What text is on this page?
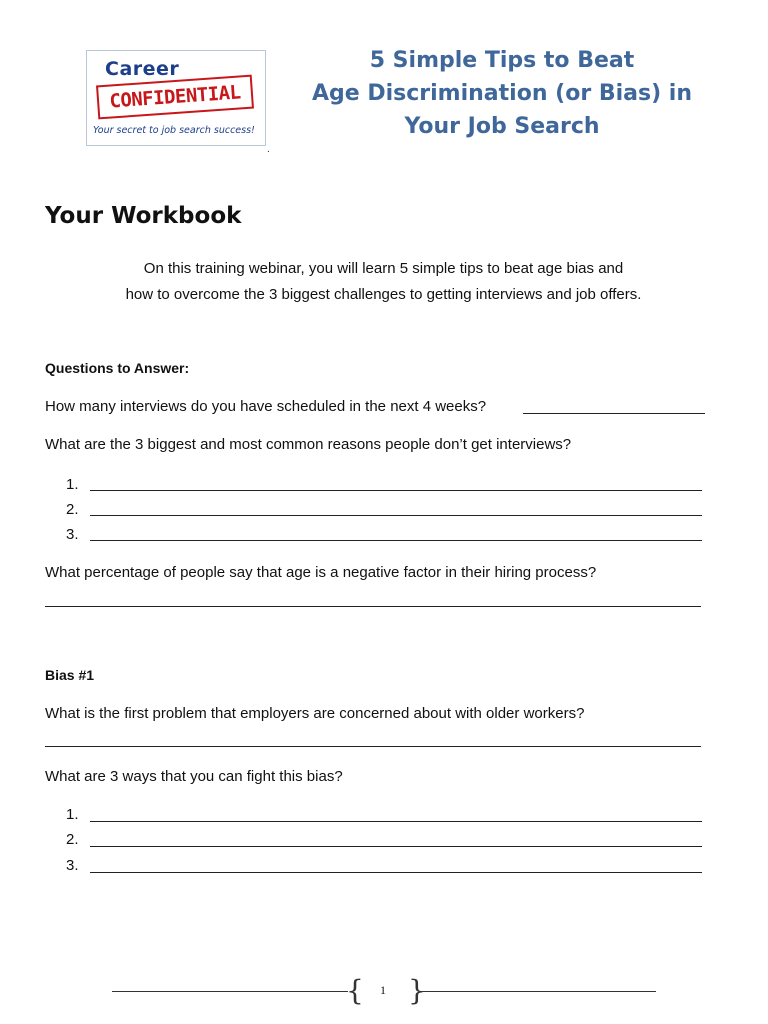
Career
CONFIDENTIAL
Your secret to job search success!
.
5 Simple Tips to Beat
Age Discrimination (or Bias) in
Your Job Search
Your Workbook
On this training webinar, you will learn 5 simple tips to beat age bias and
how to overcome the 3 biggest challenges to getting interviews and job offers.
Questions to Answer:
How many interviews do you have scheduled in the next 4 weeks?
What are the 3 biggest and most common reasons people don’t get interviews?
1.
2.
3.
What percentage of people say that age is a negative factor in their hiring process?
Bias #1
What is the first problem that employers are concerned about with older workers?
What are 3 ways that you can fight this bias?
1.
2.
3.
{	1 }
